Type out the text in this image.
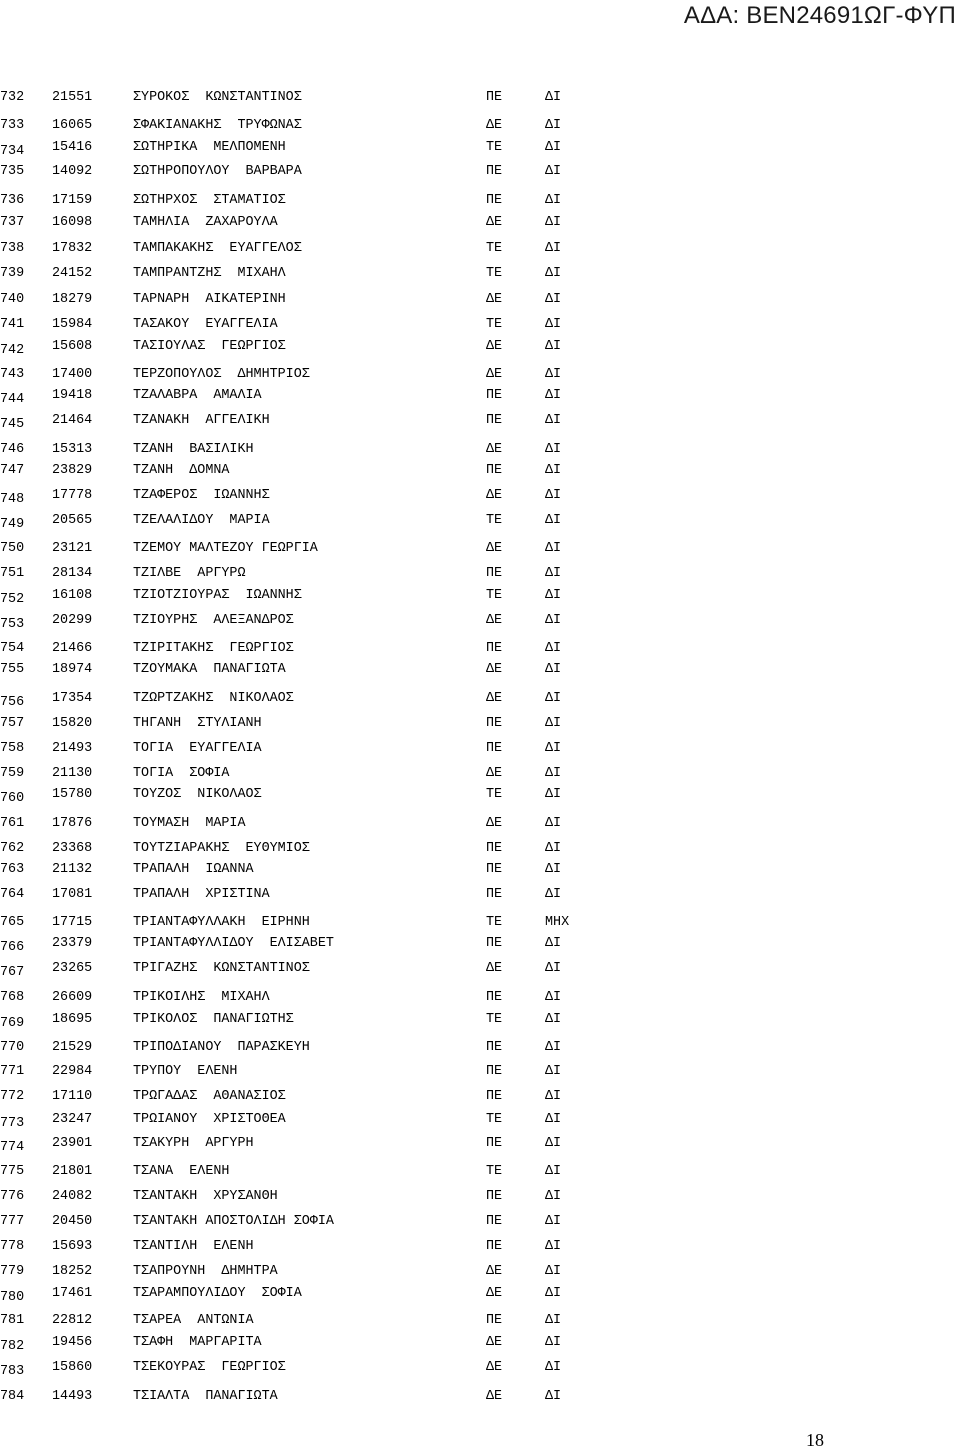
ΑΔΑ: ΒΕΝ24691ΩΓ-ΦΥΠ
732 21551	ΣΥΡΟΚΟΣ  ΚΩΝΣΤΑΝΤΙΝΟΣ	ΠΕ	ΔΙ
733 16065	ΣΦΑΚΙΑΝΑΚΗΣ  ΤΡΥΦΩΝΑΣ	ΔΕ	ΔΙ
734 15416	ΣΩΤΗΡΙΚΑ  ΜΕΛΠΟΜΕΝΗ	ΤΕ	ΔΙ
735 14092	ΣΩΤΗΡΟΠΟΥΛΟΥ  ΒΑΡΒΑΡΑ	ΠΕ	ΔΙ
736 17159	ΣΩΤΗΡΧΟΣ  ΣΤΑΜΑΤΙΟΣ	ΠΕ	ΔΙ
737 16098	ΤΑΜΗΛΙΑ  ΖΑΧΑΡΟΥΛΑ	ΔΕ	ΔΙ
738 17832	ΤΑΜΠΑΚΑΚΗΣ  ΕΥΑΓΓΕΛΟΣ	ΤΕ	ΔΙ
739 24152	ΤΑΜΠΡΑΝΤΖΗΣ  ΜΙΧΑΗΛ	ΤΕ	ΔΙ
740 18279	ΤΑΡΝΑΡΗ  ΑΙΚΑΤΕΡΙΝΗ	ΔΕ	ΔΙ
741 15984	ΤΑΣΑΚΟΥ  ΕΥΑΓΓΕΛΙΑ	ΤΕ	ΔΙ
742 15608	ΤΑΣΙΟΥΛΑΣ  ΓΕΩΡΓΙΟΣ	ΔΕ	ΔΙ
743 17400	ΤΕΡΖΟΠΟΥΛΟΣ  ΔΗΜΗΤΡΙΟΣ	ΔΕ	ΔΙ
744 19418	ΤΖΑΛΑΒΡΑ  ΑΜΑΛΙΑ	ΠΕ	ΔΙ
745 21464	ΤΖΑΝΑΚΗ  ΑΓΓΕΛΙΚΗ	ΠΕ	ΔΙ
746 15313	ΤΖΑΝΗ  ΒΑΣΙΛΙΚΗ	ΔΕ	ΔΙ
747 23829	ΤΖΑΝΗ  ΔΟΜΝΑ	ΠΕ	ΔΙ
748 17778	ΤΖΑΦΕΡΟΣ  ΙΩΑΝΝΗΣ	ΔΕ	ΔΙ
749 20565	ΤΖΕΛΑΛΙΔΟΥ  ΜΑΡΙΑ	ΤΕ	ΔΙ
750 23121	ΤΖΕΜΟΥ ΜΑΛΤΕΖΟΥ ΓΕΩΡΓΙΑ	ΔΕ	ΔΙ
751 28134	ΤΖΙΛΒΕ  ΑΡΓΥΡΩ	ΠΕ	ΔΙ
752 16108	ΤΖΙΟΤΖΙΟΥΡΑΣ  ΙΩΑΝΝΗΣ	ΤΕ	ΔΙ
753 20299	ΤΖΙΟΥΡΗΣ  ΑΛΕΞΑΝΔΡΟΣ	ΔΕ	ΔΙ
754 21466	ΤΖΙΡΙΤΑΚΗΣ  ΓΕΩΡΓΙΟΣ	ΠΕ	ΔΙ
755 18974	ΤΖΟΥΜΑΚΑ  ΠΑΝΑΓΙΩΤΑ	ΔΕ	ΔΙ
756 17354	ΤΖΩΡΤΖΑΚΗΣ  ΝΙΚΟΛΑΟΣ	ΔΕ	ΔΙ
757 15820	ΤΗΓΑΝΗ  ΣΤΥΛΙΑΝΗ	ΠΕ	ΔΙ
758 21493	ΤΟΓΙΑ  ΕΥΑΓΓΕΛΙΑ	ΠΕ	ΔΙ
759 21130	ΤΟΓΙΑ  ΣΟΦΙΑ	ΔΕ	ΔΙ
760 15780	ΤΟΥΖΟΣ  ΝΙΚΟΛΑΟΣ	ΤΕ	ΔΙ
761 17876	ΤΟΥΜΑΣΗ  ΜΑΡΙΑ	ΔΕ	ΔΙ
762 23368	ΤΟΥΤΖΙΑΡΑΚΗΣ  ΕΥΘΥΜΙΟΣ	ΠΕ	ΔΙ
763 21132	ΤΡΑΠΑΛΗ  ΙΩΑΝΝΑ	ΠΕ	ΔΙ
764 17081	ΤΡΑΠΑΛΗ  ΧΡΙΣΤΙΝΑ	ΠΕ	ΔΙ
765 17715	ΤΡΙΑΝΤΑΦΥΛΛΑΚΗ  ΕΙΡΗΝΗ	ΤΕ	ΜΗΧ
766 23379	ΤΡΙΑΝΤΑΦΥΛΛΙΔΟΥ  ΕΛΙΣΑΒΕΤ	ΠΕ	ΔΙ
767 23265	ΤΡΙΓΑΖΗΣ  ΚΩΝΣΤΑΝΤΙΝΟΣ	ΔΕ	ΔΙ
768 26609	ΤΡΙΚΟΙΛΗΣ  ΜΙΧΑΗΛ	ΠΕ	ΔΙ
769 18695	ΤΡΙΚΟΛΟΣ  ΠΑΝΑΓΙΩΤΗΣ	ΤΕ	ΔΙ
770 21529	ΤΡΙΠΟΔΙΑΝΟΥ  ΠΑΡΑΣΚΕΥΗ	ΠΕ	ΔΙ
771 22984	ΤΡΥΠΟΥ  ΕΛΕΝΗ	ΠΕ	ΔΙ
772 17110	ΤΡΩΓΑΔΑΣ  ΑΘΑΝΑΣΙΟΣ	ΠΕ	ΔΙ
773 23247	ΤΡΩΙΑΝΟΥ  ΧΡΙΣΤΟΘΕΑ	ΤΕ	ΔΙ
774 23901	ΤΣΑΚΥΡΗ  ΑΡΓΥΡΗ	ΠΕ	ΔΙ
775 21801	ΤΣΑΝΑ  ΕΛΕΝΗ	ΤΕ	ΔΙ
776 24082	ΤΣΑΝΤΑΚΗ  ΧΡΥΣΑΝΘΗ	ΠΕ	ΔΙ
777 20450	ΤΣΑΝΤΑΚΗ ΑΠΟΣΤΟΛΙΔΗ ΣΟΦΙΑ	ΠΕ	ΔΙ
778 15693	ΤΣΑΝΤΙΛΗ  ΕΛΕΝΗ	ΠΕ	ΔΙ
779 18252	ΤΣΑΠΡΟΥΝΗ  ΔΗΜΗΤΡΑ	ΔΕ	ΔΙ
780 17461	ΤΣΑΡΑΜΠΟΥΛΙΔΟΥ  ΣΟΦΙΑ	ΔΕ	ΔΙ
781 22812	ΤΣΑΡΕΑ  ΑΝΤΩΝΙΑ	ΠΕ	ΔΙ
782 19456	ΤΣΑΦΗ  ΜΑΡΓΑΡΙΤΑ	ΔΕ	ΔΙ
783 15860	ΤΣΕΚΟΥΡΑΣ  ΓΕΩΡΓΙΟΣ	ΔΕ	ΔΙ
784 14493	ΤΣΙΑΛΤΑ  ΠΑΝΑΓΙΩΤΑ	ΔΕ	ΔΙ
18
